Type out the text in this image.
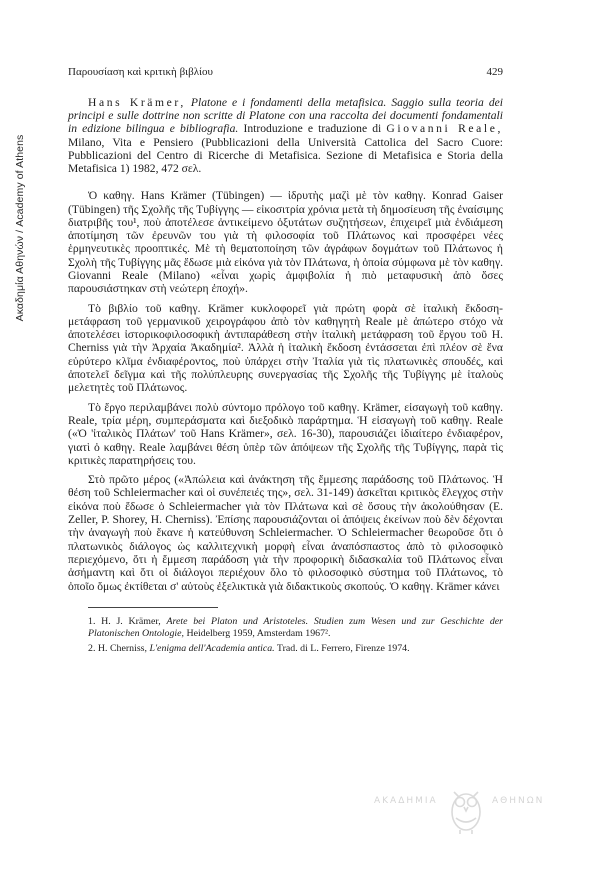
Ακαδημία Αθηνών / Academy of Athens
Παρουσίαση καὶ κριτικὴ βιβλίου	429

Hans Krämer, Platone e i fondamenti della metafisica. Saggio sulla teoria dei principi e sulle dottrine non scritte di Platone con una raccolta dei documenti fondamentali in edizione bilingua e bibliografia. Introduzione e traduzione di Giovanni Reale, Milano, Vita e Pensiero (Pubblicazioni della Università Cattolica del Sacro Cuore: Pubblicazioni del Centro di Ricerche di Metafisica. Sezione di Metafisica e Storia della Metafisica 1) 1982, 472 σελ.

Ὁ καθηγ. Hans Krämer (Tübingen) — ἱδρυτὴς μαζὶ μὲ τὸν καθηγ. Konrad Gaiser (Tübingen) τῆς Σχολῆς τῆς Τυβίγγης — εἰκοσιτρία χρόνια μετὰ τὴ δημοσίευση τῆς ἐναίσιμης διατριβῆς του¹, ποὺ ἀποτέλεσε ἀντικείμενο ὀξυτάτων συζητήσεων, ἐπιχειρεῖ μιὰ ἐνδιάμεση ἀποτίμηση τῶν ἐρευνῶν του γιὰ τὴ φιλοσοφία τοῦ Πλάτωνος καὶ προσφέρει νέες ἑρμηνευτικὲς προοπτικές. Μὲ τὴ θεματοποίηση τῶν ἀγράφων δογμάτων τοῦ Πλάτωνος ἡ Σχολὴ τῆς Τυβίγγης μᾶς ἔδωσε μιὰ εἰκόνα γιὰ τὸν Πλάτωνα, ἡ ὁποία σύμφωνα μὲ τὸν καθηγ. Giovanni Reale (Milano) «εἶναι χωρὶς ἀμφιβολία ἡ πιὸ μεταφυσικὴ ἀπὸ ὅσες παρουσιάστηκαν στὴ νεώτερη ἐποχή».

Τὸ βιβλίο τοῦ καθηγ. Krämer κυκλοφορεῖ γιὰ πρώτη φορὰ σὲ ἰταλικὴ ἔκδοση-μετάφραση τοῦ γερμανικοῦ χειρογράφου ἀπὸ τὸν καθηγητὴ Reale μὲ ἀπώτερο στόχο νὰ ἀποτελέσει ἱστορικοφιλοσοφικὴ ἀντιπαράθεση στὴν ἰταλικὴ μετάφραση τοῦ ἔργου τοῦ H. Cherniss γιὰ τὴν Ἀρχαία Ἀκαδημία². Ἀλλὰ ἡ ἰταλικὴ ἔκδοση ἐντάσσεται ἐπὶ πλέον σὲ ἕνα εὐρύτερο κλῖμα ἐνδιαφέροντος, ποὺ ὑπάρχει στὴν Ἰταλία γιὰ τὶς πλατωνικὲς σπουδές, καὶ ἀποτελεῖ δεῖγμα καὶ τῆς πολύπλευρης συνεργασίας τῆς Σχολῆς τῆς Τυβίγγης μὲ ἰταλοὺς μελετητὲς τοῦ Πλάτωνος.

Τὸ ἔργο περιλαμβάνει πολὺ σύντομο πρόλογο τοῦ καθηγ. Krämer, εἰσαγωγὴ τοῦ καθηγ. Reale, τρία μέρη, συμπεράσματα καὶ διεξοδικὸ παράρτημα. Ἡ εἰσαγωγὴ τοῦ καθηγ. Reale («Ὁ 'ἰταλικὸς Πλάτων' τοῦ Hans Krämer», σελ. 16-30), παρουσιάζει ἰδιαίτερο ἐνδιαφέρον, γιατὶ ὁ καθηγ. Reale λαμβάνει θέση ὑπὲρ τῶν ἀπόψεων τῆς Σχολῆς τῆς Τυβίγγης, παρὰ τὶς κριτικὲς παρατηρήσεις του.

Στὸ πρῶτο μέρος («Ἀπώλεια καὶ ἀνάκτηση τῆς ἔμμεσης παράδοσης τοῦ Πλάτωνος. Ἡ θέση τοῦ Schleiermacher καὶ οἱ συνέπειές της», σελ. 31-149) ἀσκεῖται κριτικὸς ἔλεγχος στὴν εἰκόνα ποὺ ἔδωσε ὁ Schleiermacher γιὰ τὸν Πλάτωνα καὶ σὲ ὅσους τὴν ἀκολούθησαν (E. Zeller, P. Shorey, H. Cherniss). Ἐπίσης παρουσιάζονται οἱ ἀπόψεις ἐκείνων ποὺ δὲν δέχονται τὴν ἀναγωγὴ ποὺ ἔκανε ἡ κατεύθυνση Schleiermacher. Ὁ Schleiermacher θεωροῦσε ὅτι ὁ πλατωνικὸς διάλογος ὡς καλλιτεχνικὴ μορφὴ εἶναι ἀναπόσπαστος ἀπὸ τὸ φιλοσοφικὸ περιεχόμενο, ὅτι ἡ ἔμμεση παράδοση γιὰ τὴν προφορικὴ διδασκαλία τοῦ Πλάτωνος εἶναι ἀσήμαντη καὶ ὅτι οἱ διάλογοι περιέχουν ὅλο τὸ φιλοσοφικὸ σύστημα τοῦ Πλάτωνος, τὸ ὁποῖο ὅμως ἐκτίθεται σ' αὐτοὺς ἐξελικτικὰ γιὰ διδακτικοὺς σκοπούς. Ὁ καθηγ. Krämer κάνει

1. H. J. Krämer, Arete bei Platon und Aristoteles. Studien zum Wesen und zur Geschichte der Platonischen Ontologie, Heidelberg 1959, Amsterdam 1967².

2. H. Cherniss, L'enigma dell'Academia antica. Trad. di L. Ferrero, Firenze 1974.

ΑΚΑΔΗΜΙΑ	ΑΘΗΝΩΝ
